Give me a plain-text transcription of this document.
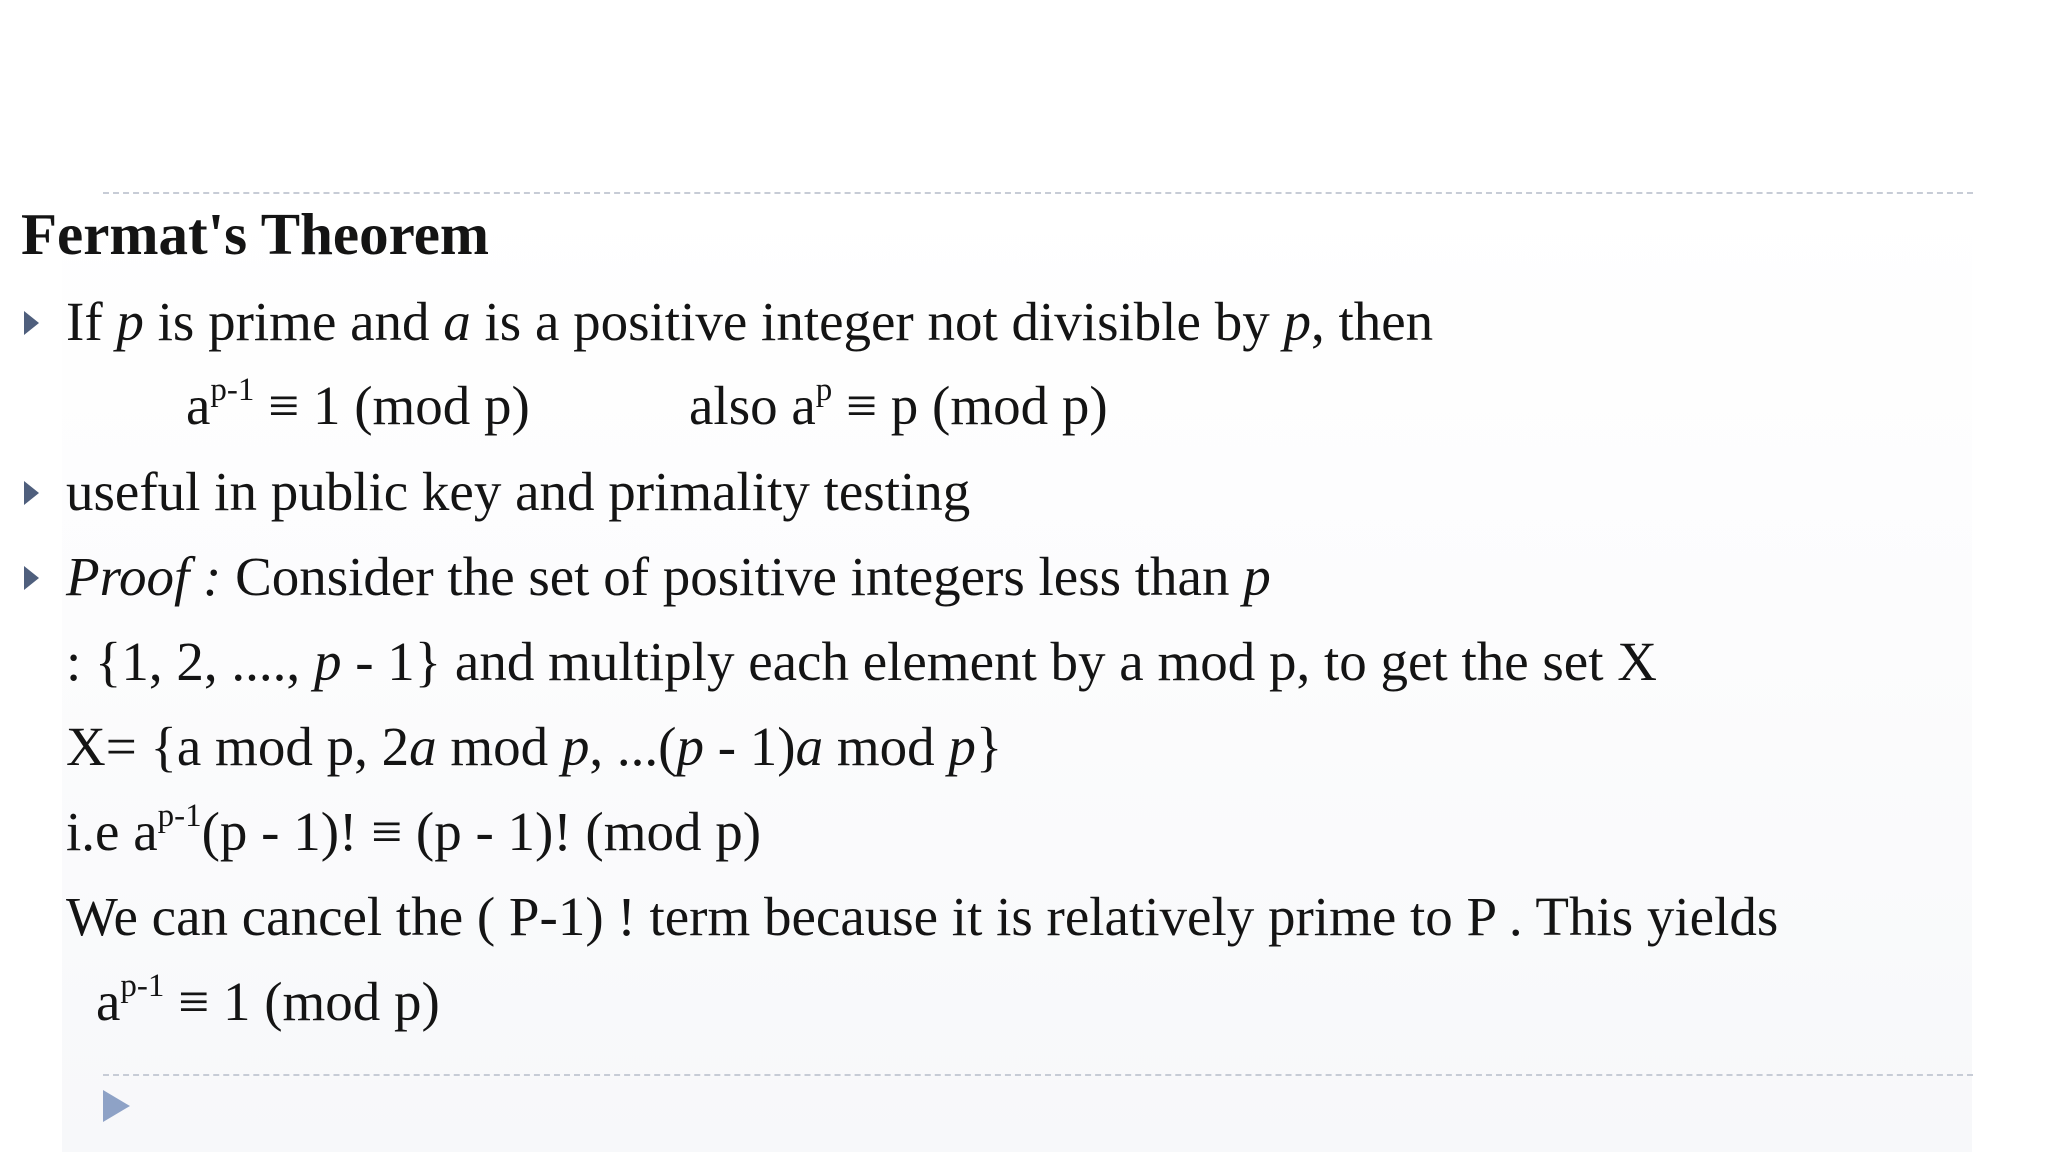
Fermat's Theorem
If p is prime and a is a positive integer not divisible by p, then
$a^{p-1} \equiv 1$ (mod p)	also $a^p \equiv p$ (mod p)
useful in public key and primality testing
Proof : Consider the set of positive integers less than p
: {1, 2, ...., p - 1} and multiply each element by a mod p, to get the set X
X= {a mod p, 2a mod p, ...(p - 1)a mod p}
i.e $a^{p-1}(p - 1)$! ≡ (p - 1)! (mod p)
We can cancel the ( P-1) ! term because it is relatively prime to P . This yields
$a^{p-1} \equiv 1$ (mod p)
